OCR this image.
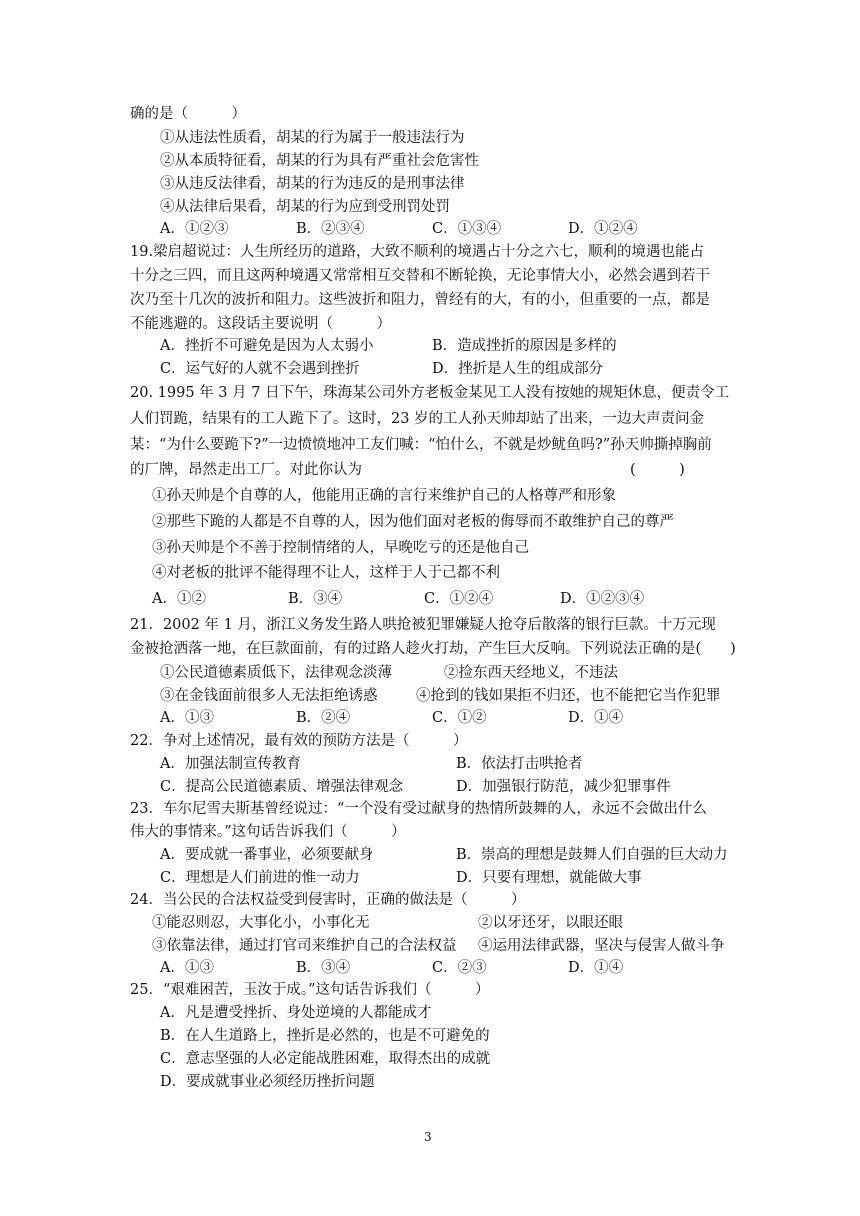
确的是（　　　）
①从违法性质看，胡某的行为属于一般违法行为
②从本质特征看，胡某的行为具有严重社会危害性
③从违反法律看，胡某的行为违反的是刑事法律
④从法律后果看，胡某的行为应到受刑罚处罚
A．①②③	B．②③④	C．①③④	D．①②④
19.梁启超说过：人生所经历的道路，大致不顺利的境遇占十分之六七，顺利的境遇也能占
十分之三四，而且这两种境遇又常常相互交替和不断轮换，无论事情大小，必然会遇到若干
次乃至十几次的波折和阻力。这些波折和阻力，曾经有的大，有的小，但重要的一点，都是
不能逃避的。这段话主要说明（　　　）
A．挫折不可避免是因为人太弱小	B．造成挫折的原因是多样的
C．运气好的人就不会遇到挫折	D．挫折是人生的组成部分
20. 1995 年 3 月 7 日下午，珠海某公司外方老板金某见工人没有按她的规矩休息，便责令工
人们罚跪，结果有的工人跪下了。这时，23 岁的工人孙天帅却站了出来，一边大声责问金
某：“为什么要跪下?”一边愤愤地冲工友们喊：“怕什么，不就是炒鱿鱼吗?”孙天帅撕掉胸前
的厂牌，昂然走出工厂。对此你认为	(　　　)
①孙天帅是个自尊的人，他能用正确的言行来维护自己的人格尊严和形象
②那些下跪的人都是不自尊的人，因为他们面对老板的侮辱而不敢维护自己的尊严
③孙天帅是个不善于控制情绪的人，早晚吃亏的还是他自己
④对老板的批评不能得理不让人，这样于人于己都不利
A．①②	B．③④	C．①②④	D．①②③④
21．2002 年 1 月，浙江义务发生路人哄抢被犯罪嫌疑人抢夺后散落的银行巨款。十万元现
金被抢洒落一地，在巨款面前，有的过路人趁火打劫，产生巨大反响。下列说法正确的是(　　)
①公民道德素质低下，法律观念淡薄	②捡东西天经地义，不违法
③在金钱面前很多人无法拒绝诱惑	④抢到的钱如果拒不归还，也不能把它当作犯罪
A．①③	B．②④	C．①②	D．①④
22．争对上述情况，最有效的预防方法是（　　　）
A．加强法制宣传教育	B．依法打击哄抢者
C．提高公民道德素质、增强法律观念	D．加强银行防范，减少犯罪事件
23．车尔尼雪夫斯基曾经说过：“一个没有受过献身的热情所鼓舞的人，永远不会做出什么
伟大的事情来。”这句话告诉我们（　　　）
A．要成就一番事业，必须要献身	B．崇高的理想是鼓舞人们自强的巨大动力
C．理想是人们前进的惟一动力	D．只要有理想，就能做大事
24．当公民的合法权益受到侵害时，正确的做法是（　　　）
①能忍则忍，大事化小，小事化无	②以牙还牙，以眼还眼
③依靠法律，通过打官司来维护自己的合法权益 ④运用法律武器，坚决与侵害人做斗争
A．①③	B．③④	C．②③	D．①④
25．“艰难困苦，玉汝于成。”这句话告诉我们（　　　）
A．凡是遭受挫折、身处逆境的人都能成才
B．在人生道路上，挫折是必然的，也是不可避免的
C．意志坚强的人必定能战胜困难，取得杰出的成就
D．要成就事业必须经历挫折问题
3
